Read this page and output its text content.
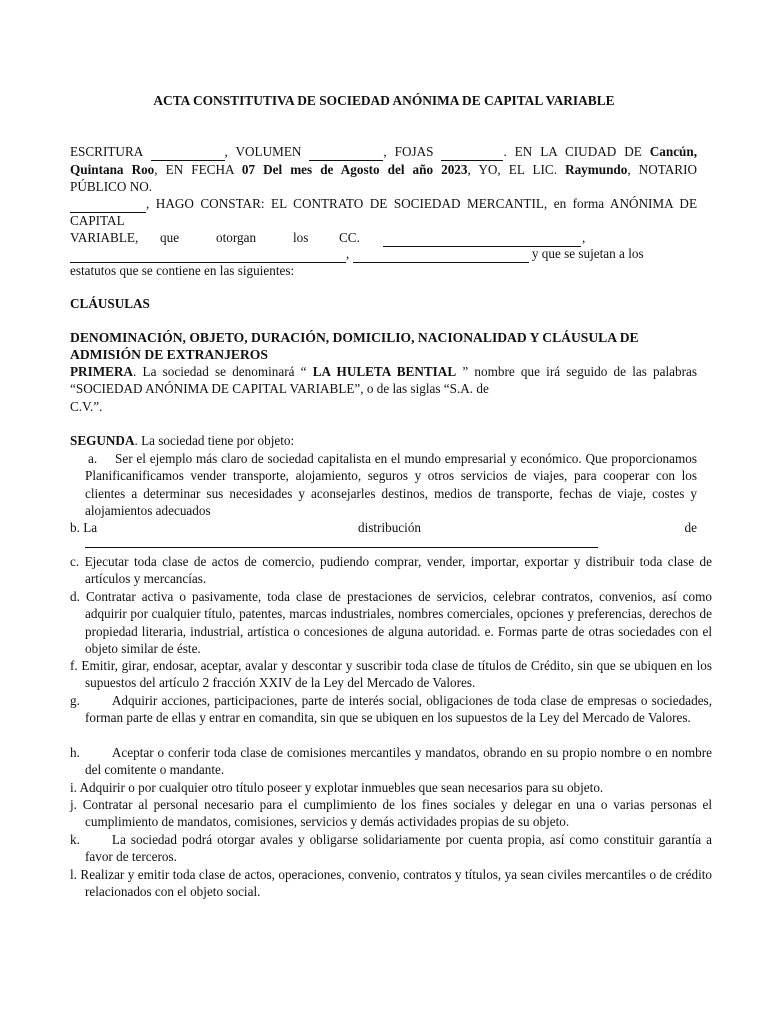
ACTA CONSTITUTIVA DE SOCIEDAD ANÓNIMA DE CAPITAL VARIABLE
ESCRITURA	, VOLUMEN	, FOJAS	. EN LA CIUDAD DE Cancún,
Quintana Roo, EN FECHA 07 Del mes de Agosto del año 2023, YO, EL LIC. Raymundo, NOTARIO
PÚBLICO NO.
, HAGO CONSTAR: EL CONTRATO DE SOCIEDAD MERCANTIL, en forma ANÓNIMA DE
CAPITAL
VARIABLE, que	otorgan	los CC.
	,
,	y que se sujetan a los
estatutos que se contiene en las siguientes:
CLÁUSULAS
DENOMINACIÓN, OBJETO, DURACIÓN, DOMICILIO, NACIONALIDAD Y CLÁUSULA DE ADMISIÓN DE EXTRANJEROS
PRIMERA. La sociedad se denominará “ LA HULETA BENTIAL ” nombre que irá seguido de las palabras “SOCIEDAD ANÓNIMA DE CAPITAL VARIABLE”, o de las siglas “S.A. de
C.V.”.
SEGUNDA. La sociedad tiene por objeto:
a.	Ser el ejemplo más claro de sociedad capitalista en el mundo empresarial y económico. Que proporcionamos Planificanificamos vender transporte, alojamiento, seguros y otros servicios de viajes, para cooperar con los clientes a determinar sus necesidades y aconsejarles destinos, medios de transporte, fechas de viaje, costes y alojamientos adecuados
b. La	distribución	de
c. Ejecutar toda clase de actos de comercio, pudiendo comprar, vender, importar, exportar y distribuir toda clase de artículos y mercancías.
d. Contratar activa o pasivamente, toda clase de prestaciones de servicios, celebrar contratos, convenios, así como adquirir por cualquier título, patentes, marcas industriales, nombres comerciales, opciones y preferencias, derechos de propiedad literaria, industrial, artística o concesiones de alguna autoridad. e. Formas parte de otras sociedades con el objeto similar de éste.
f. Emitir, girar, endosar, aceptar, avalar y descontar y suscribir toda clase de títulos de Crédito, sin que se ubiquen en los supuestos del artículo 2 fracción XXIV de la Ley del Mercado de Valores.
g. Adquirir acciones, participaciones, parte de interés social, obligaciones de toda clase de empresas o sociedades, forman parte de ellas y entrar en comandita, sin que se ubiquen en los supuestos de la Ley del Mercado de Valores.
h. Aceptar o conferir toda clase de comisiones mercantiles y mandatos, obrando en su propio nombre o en nombre del comitente o mandante.
i. Adquirir o por cualquier otro título poseer y explotar inmuebles que sean necesarios para su objeto.
j. Contratar al personal necesario para el cumplimiento de los fines sociales y delegar en una o varias personas el cumplimiento de mandatos, comisiones, servicios y demás actividades propias de su objeto.
k. La sociedad podrá otorgar avales y obligarse solidariamente por cuenta propia, así como constituir garantía a favor de terceros.
l. Realizar y emitir toda clase de actos, operaciones, convenio, contratos y títulos, ya sean civiles mercantiles o de crédito relacionados con el objeto social.
